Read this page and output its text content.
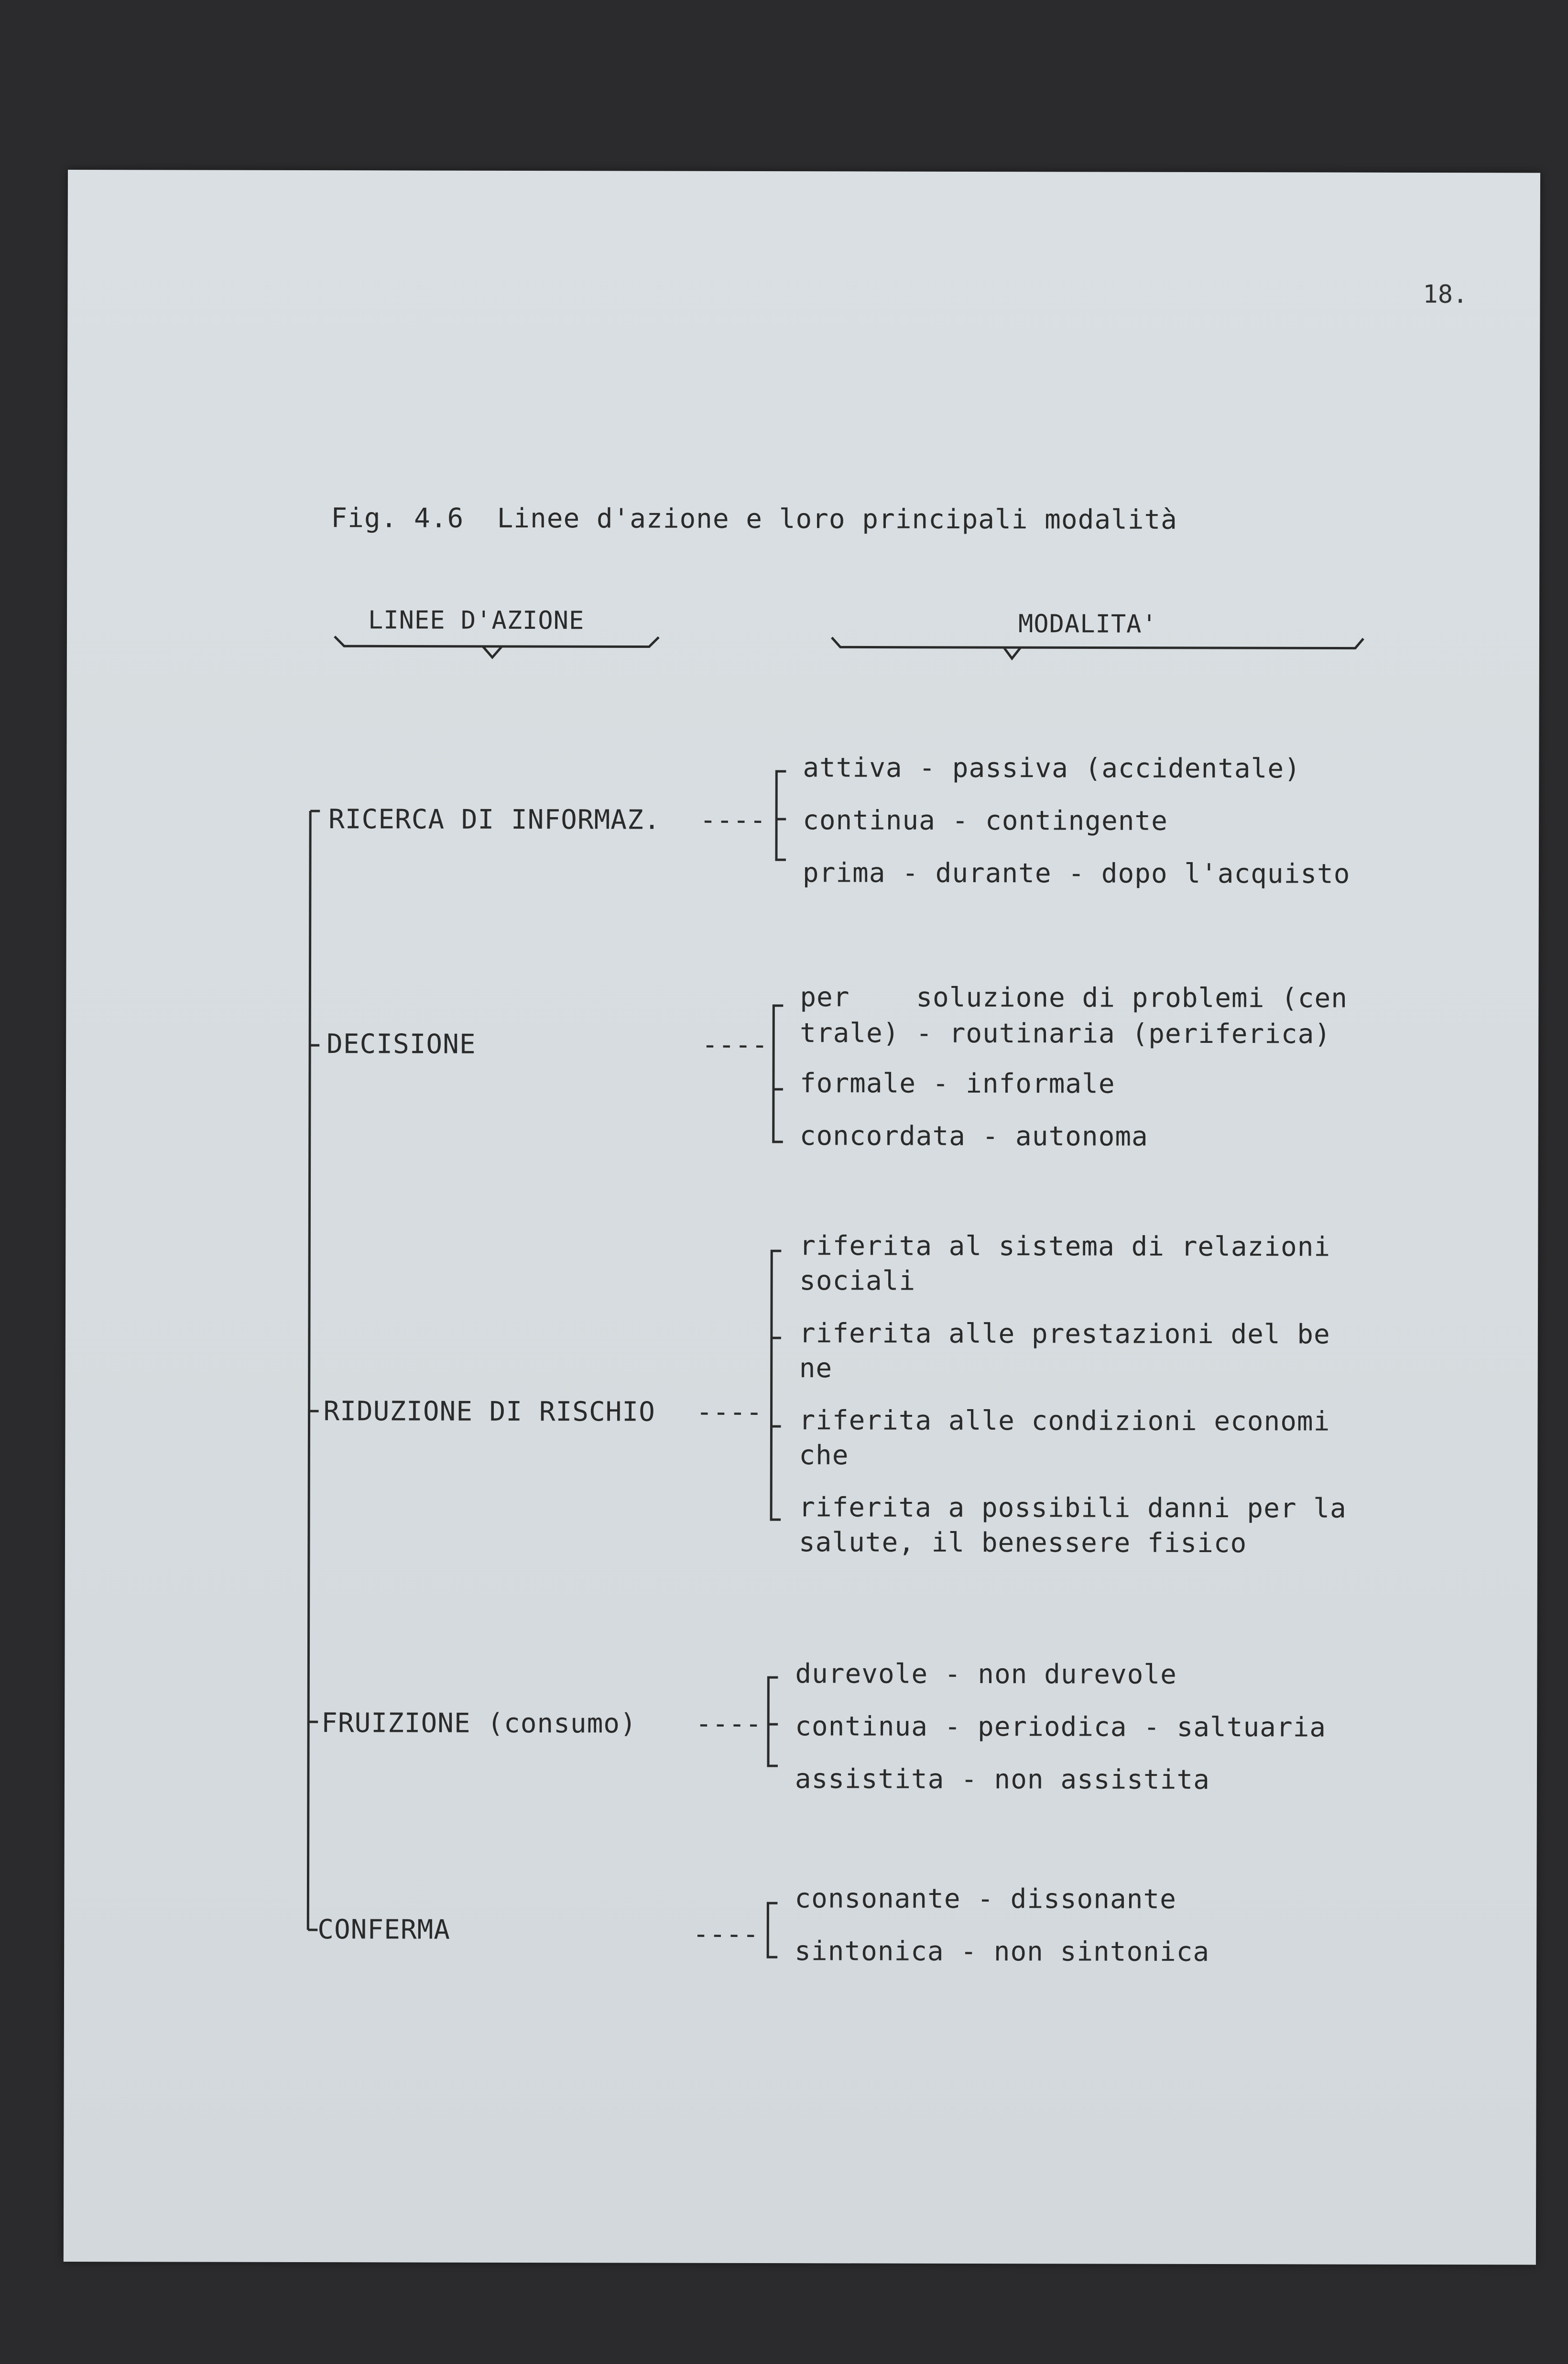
18.
Fig. 4.6  Linee d'azione e loro principali modalità
LINEE D'AZIONE	MODALITA'
RICERCA DI INFORMAZ. ----
attiva - passiva (accidentale)
continua - contingente
prima - durante - dopo l'acquisto
DECISIONE	----
per    soluzione di problemi (cen
trale) - routinaria (periferica)
formale - informale
concordata - autonoma
RIDUZIONE DI RISCHIO ----
riferita al sistema di relazioni
sociali
riferita alle prestazioni del be
ne
riferita alle condizioni economi
che
riferita a possibili danni per la
salute, il benessere fisico
FRUIZIONE (consumo) ----
durevole - non durevole
continua - periodica - saltuaria
assistita - non assistita
CONFERMA	----
consonante - dissonante
sintonica - non sintonica
